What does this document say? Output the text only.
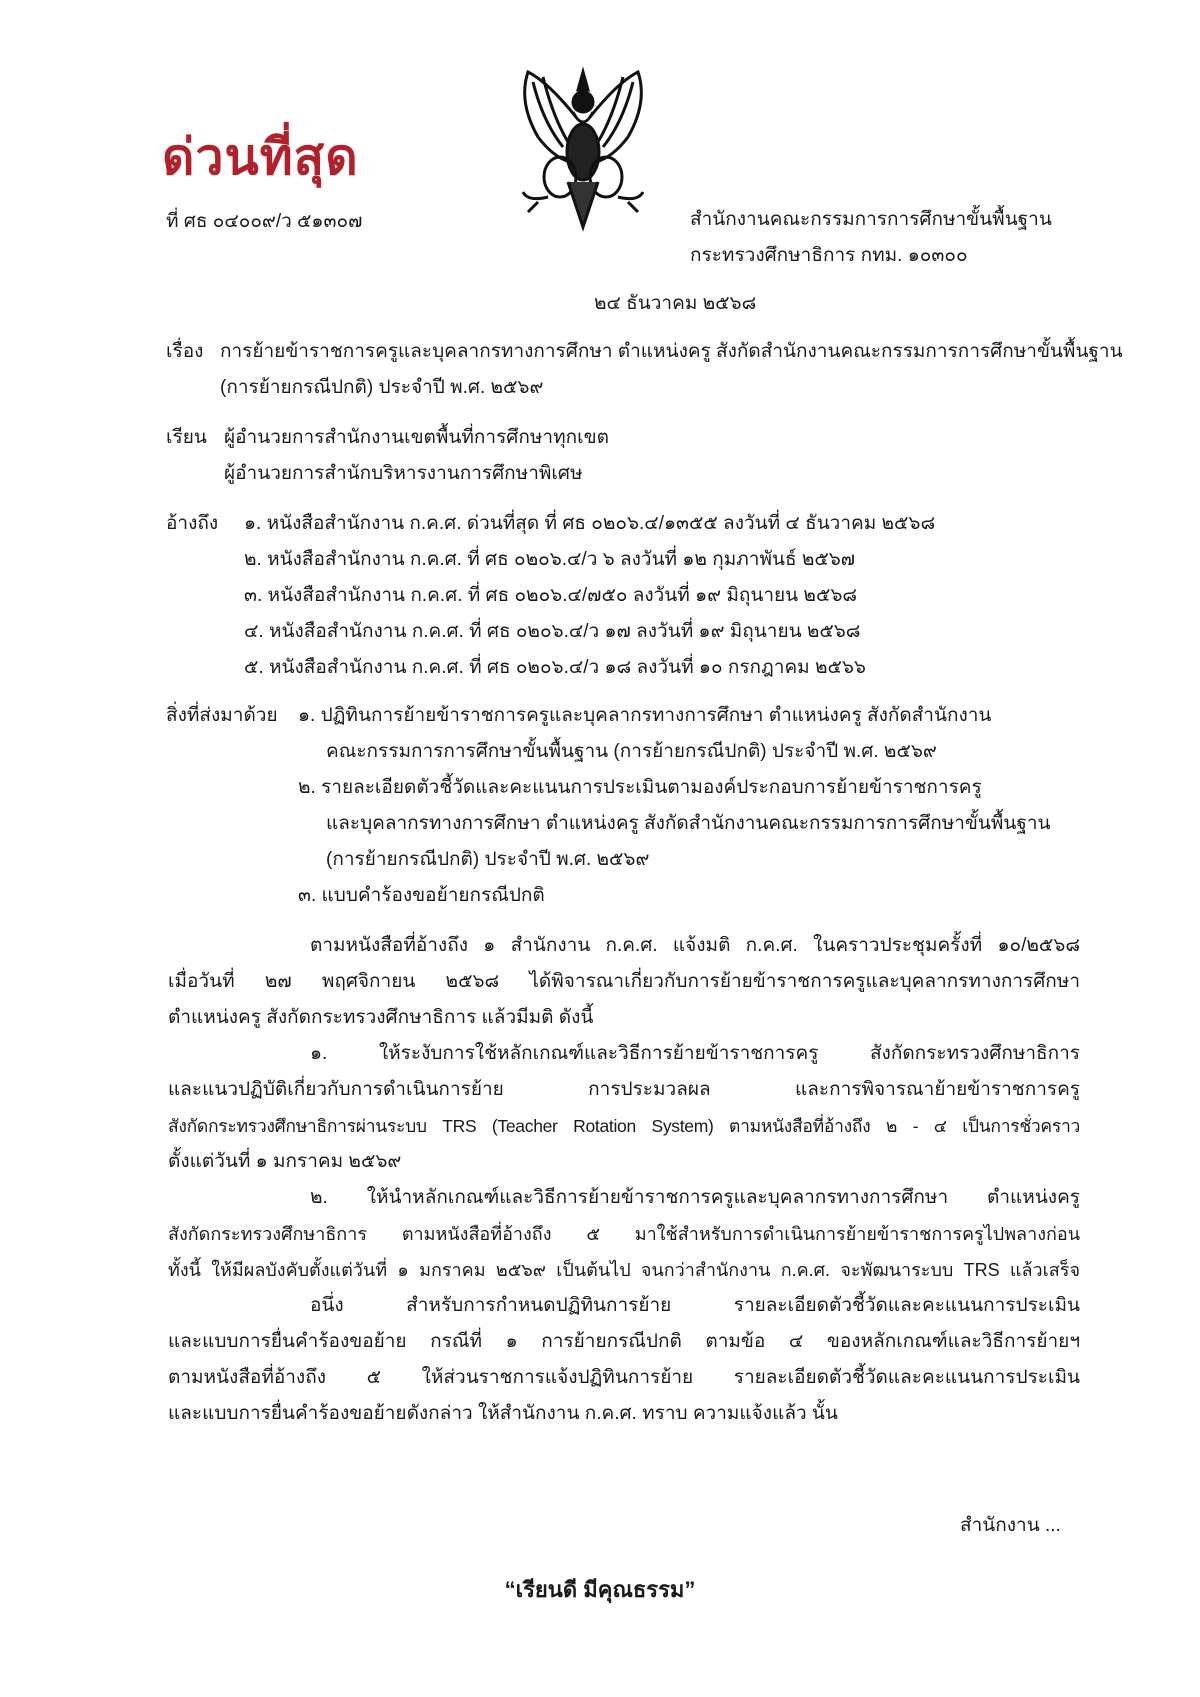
ด่วนที่สุด
ที่ ศธ ๐๔๐๐๙/ว ๕๑๓๐๗	สำนักงานคณะกรรมการการศึกษาขั้นพื้นฐาน
กระทรวงศึกษาธิการ กทม. ๑๐๓๐๐
๒๔ ธันวาคม ๒๕๖๘
เรื่อง การย้ายข้าราชการครูและบุคลากรทางการศึกษา ตำแหน่งครู สังกัดสำนักงานคณะกรรมการการศึกษาขั้นพื้นฐาน
(การย้ายกรณีปกติ) ประจำปี พ.ศ. ๒๕๖๙
เรียน ผู้อำนวยการสำนักงานเขตพื้นที่การศึกษาทุกเขต
ผู้อำนวยการสำนักบริหารงานการศึกษาพิเศษ
อ้างถึง ๑. หนังสือสำนักงาน ก.ค.ศ. ด่วนที่สุด ที่ ศธ ๐๒๐๖.๔/๑๓๕๕ ลงวันที่ ๔ ธันวาคม ๒๕๖๘
๒. หนังสือสำนักงาน ก.ค.ศ. ที่ ศธ ๐๒๐๖.๔/ว ๖ ลงวันที่ ๑๒ กุมภาพันธ์ ๒๕๖๗
๓. หนังสือสำนักงาน ก.ค.ศ. ที่ ศธ ๐๒๐๖.๔/๗๕๐ ลงวันที่ ๑๙ มิถุนายน ๒๕๖๘
๔. หนังสือสำนักงาน ก.ค.ศ. ที่ ศธ ๐๒๐๖.๔/ว ๑๗ ลงวันที่ ๑๙ มิถุนายน ๒๕๖๘
๕. หนังสือสำนักงาน ก.ค.ศ. ที่ ศธ ๐๒๐๖.๔/ว ๑๘ ลงวันที่ ๑๐ กรกฎาคม ๒๕๖๖
สิ่งที่ส่งมาด้วย ๑. ปฏิทินการย้ายข้าราชการครูและบุคลากรทางการศึกษา ตำแหน่งครู สังกัดสำนักงาน
คณะกรรมการการศึกษาขั้นพื้นฐาน (การย้ายกรณีปกติ) ประจำปี พ.ศ. ๒๕๖๙
๒. รายละเอียดตัวชี้วัดและคะแนนการประเมินตามองค์ประกอบการย้ายข้าราชการครู
และบุคลากรทางการศึกษา ตำแหน่งครู สังกัดสำนักงานคณะกรรมการการศึกษาขั้นพื้นฐาน
(การย้ายกรณีปกติ) ประจำปี พ.ศ. ๒๕๖๙
๓. แบบคำร้องขอย้ายกรณีปกติ
ตามหนังสือที่อ้างถึง ๑ สำนักงาน ก.ค.ศ. แจ้งมติ ก.ค.ศ. ในคราวประชุมครั้งที่ ๑๐/๒๕๖๘
เมื่อวันที่ ๒๗ พฤศจิกายน ๒๕๖๘ ได้พิจารณาเกี่ยวกับการย้ายข้าราชการครูและบุคลากรทางการศึกษา
ตำแหน่งครู สังกัดกระทรวงศึกษาธิการ แล้วมีมติ ดังนี้
๑. ให้ระงับการใช้หลักเกณฑ์และวิธีการย้ายข้าราชการครู สังกัดกระทรวงศึกษาธิการ
และแนวปฏิบัติเกี่ยวกับการดำเนินการย้าย การประมวลผล และการพิจารณาย้ายข้าราชการครู
สังกัดกระทรวงศึกษาธิการผ่านระบบ TRS (Teacher Rotation System) ตามหนังสือที่อ้างถึง ๒ - ๔ เป็นการชั่วคราว
ตั้งแต่วันที่ ๑ มกราคม ๒๕๖๙
๒. ให้นำหลักเกณฑ์และวิธีการย้ายข้าราชการครูและบุคลากรทางการศึกษา ตำแหน่งครู
สังกัดกระทรวงศึกษาธิการ ตามหนังสือที่อ้างถึง ๕ มาใช้สำหรับการดำเนินการย้ายข้าราชการครูไปพลางก่อน
ทั้งนี้ ให้มีผลบังคับตั้งแต่วันที่ ๑ มกราคม ๒๕๖๙ เป็นต้นไป จนกว่าสำนักงาน ก.ค.ศ. จะพัฒนาระบบ TRS แล้วเสร็จ
อนึ่ง สำหรับการกำหนดปฏิทินการย้าย รายละเอียดตัวชี้วัดและคะแนนการประเมิน
และแบบการยื่นคำร้องขอย้าย กรณีที่ ๑ การย้ายกรณีปกติ ตามข้อ ๔ ของหลักเกณฑ์และวิธีการย้ายฯ
ตามหนังสือที่อ้างถึง ๕ ให้ส่วนราชการแจ้งปฏิทินการย้าย รายละเอียดตัวชี้วัดและคะแนนการประเมิน
และแบบการยื่นคำร้องขอย้ายดังกล่าว ให้สำนักงาน ก.ค.ศ. ทราบ ความแจ้งแล้ว นั้น
สำนักงาน ...
“เรียนดี มีคุณธรรม”
